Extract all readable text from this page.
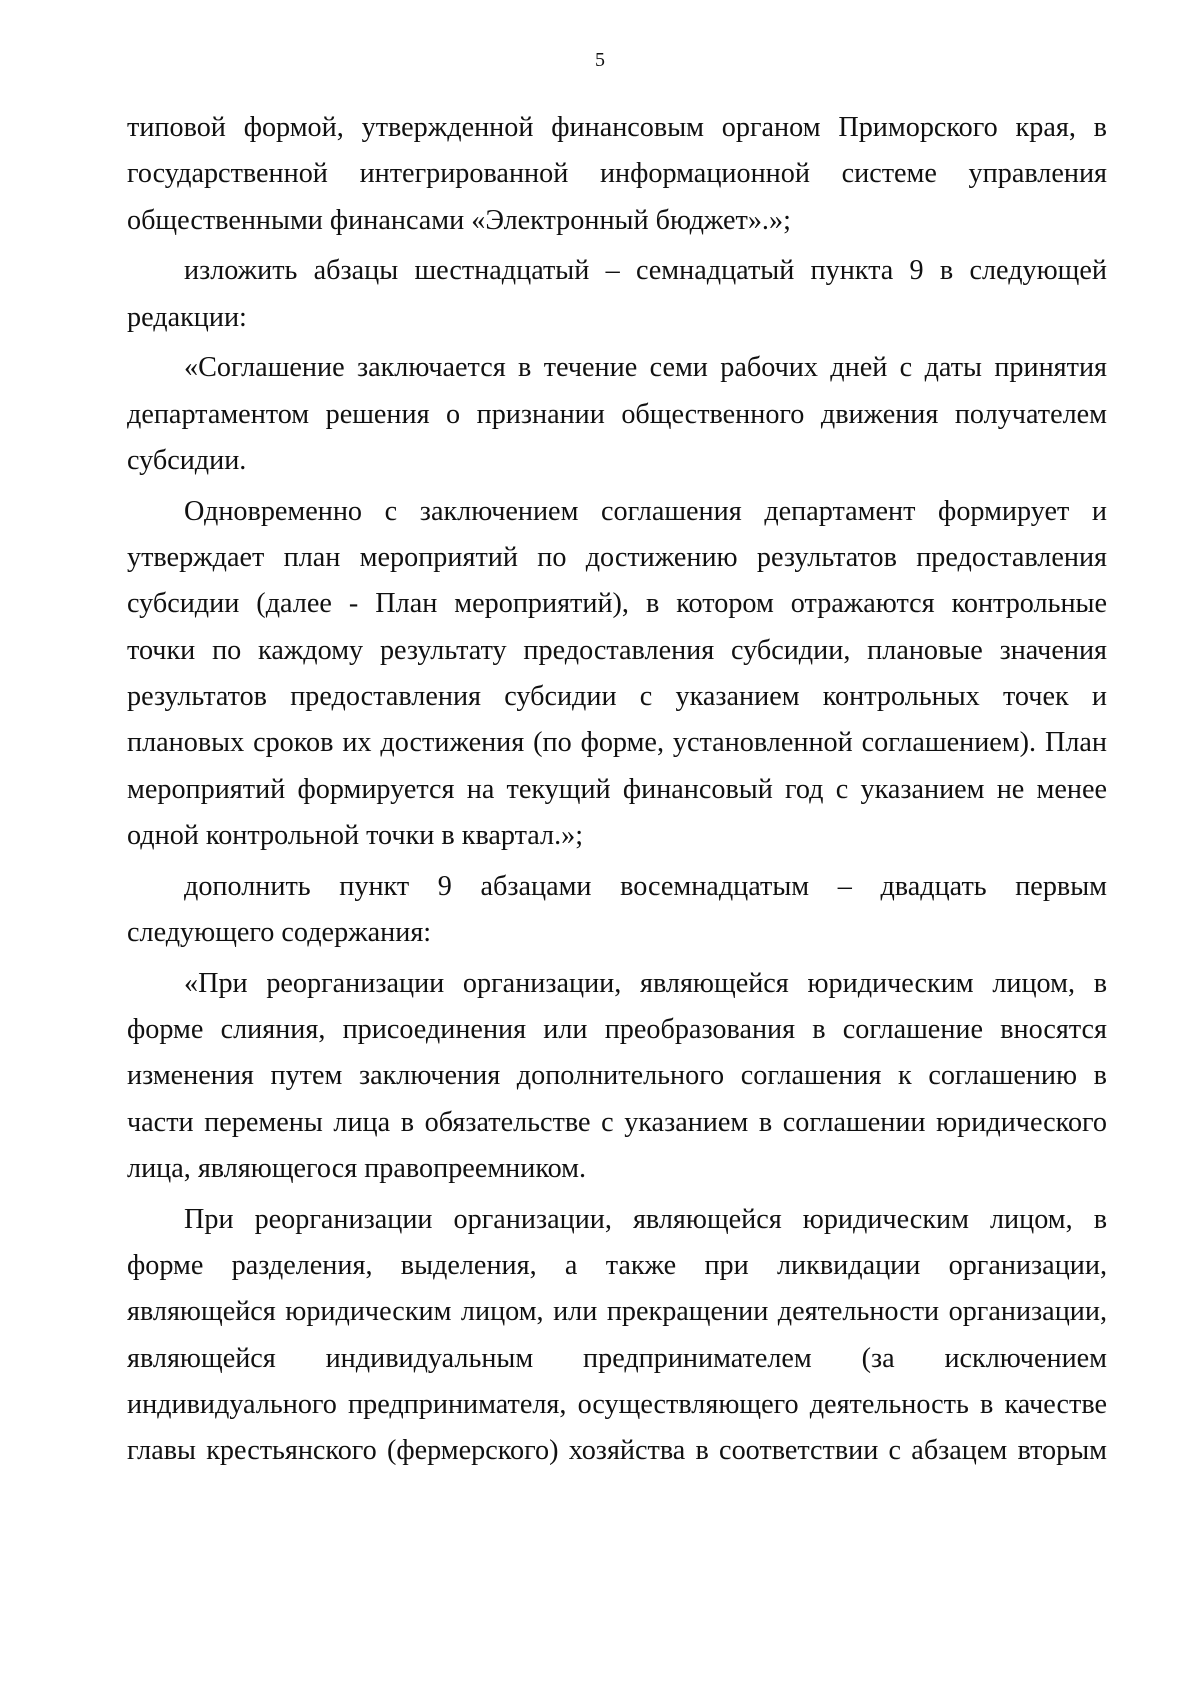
5
типовой формой, утвержденной финансовым органом Приморского края, в
государственной интегрированной информационной системе управления
общественными финансами «Электронный бюджет».»;
изложить абзацы шестнадцатый – семнадцатый пункта 9 в следующей
редакции:
«Соглашение заключается в течение семи рабочих дней с даты принятия
департаментом решения о признании общественного движения получателем
субсидии.
Одновременно с заключением соглашения департамент формирует и
утверждает план мероприятий по достижению результатов предоставления
субсидии (далее - План мероприятий), в котором отражаются контрольные
точки по каждому результату предоставления субсидии, плановые значения
результатов предоставления субсидии с указанием контрольных точек и
плановых сроков их достижения (по форме, установленной соглашением). План
мероприятий формируется на текущий финансовый год с указанием не менее
одной контрольной точки в квартал.»;
дополнить пункт 9 абзацами восемнадцатым – двадцать первым
следующего содержания:
«При реорганизации организации, являющейся юридическим лицом, в
форме слияния, присоединения или преобразования в соглашение вносятся
изменения путем заключения дополнительного соглашения к соглашению в
части перемены лица в обязательстве с указанием в соглашении юридического
лица, являющегося правопреемником.
При реорганизации организации, являющейся юридическим лицом, в
форме разделения, выделения, а также при ликвидации организации,
являющейся юридическим лицом, или прекращении деятельности организации,
являющейся индивидуальным предпринимателем (за исключением
индивидуального предпринимателя, осуществляющего деятельность в качестве
главы крестьянского (фермерского) хозяйства в соответствии с абзацем вторым
